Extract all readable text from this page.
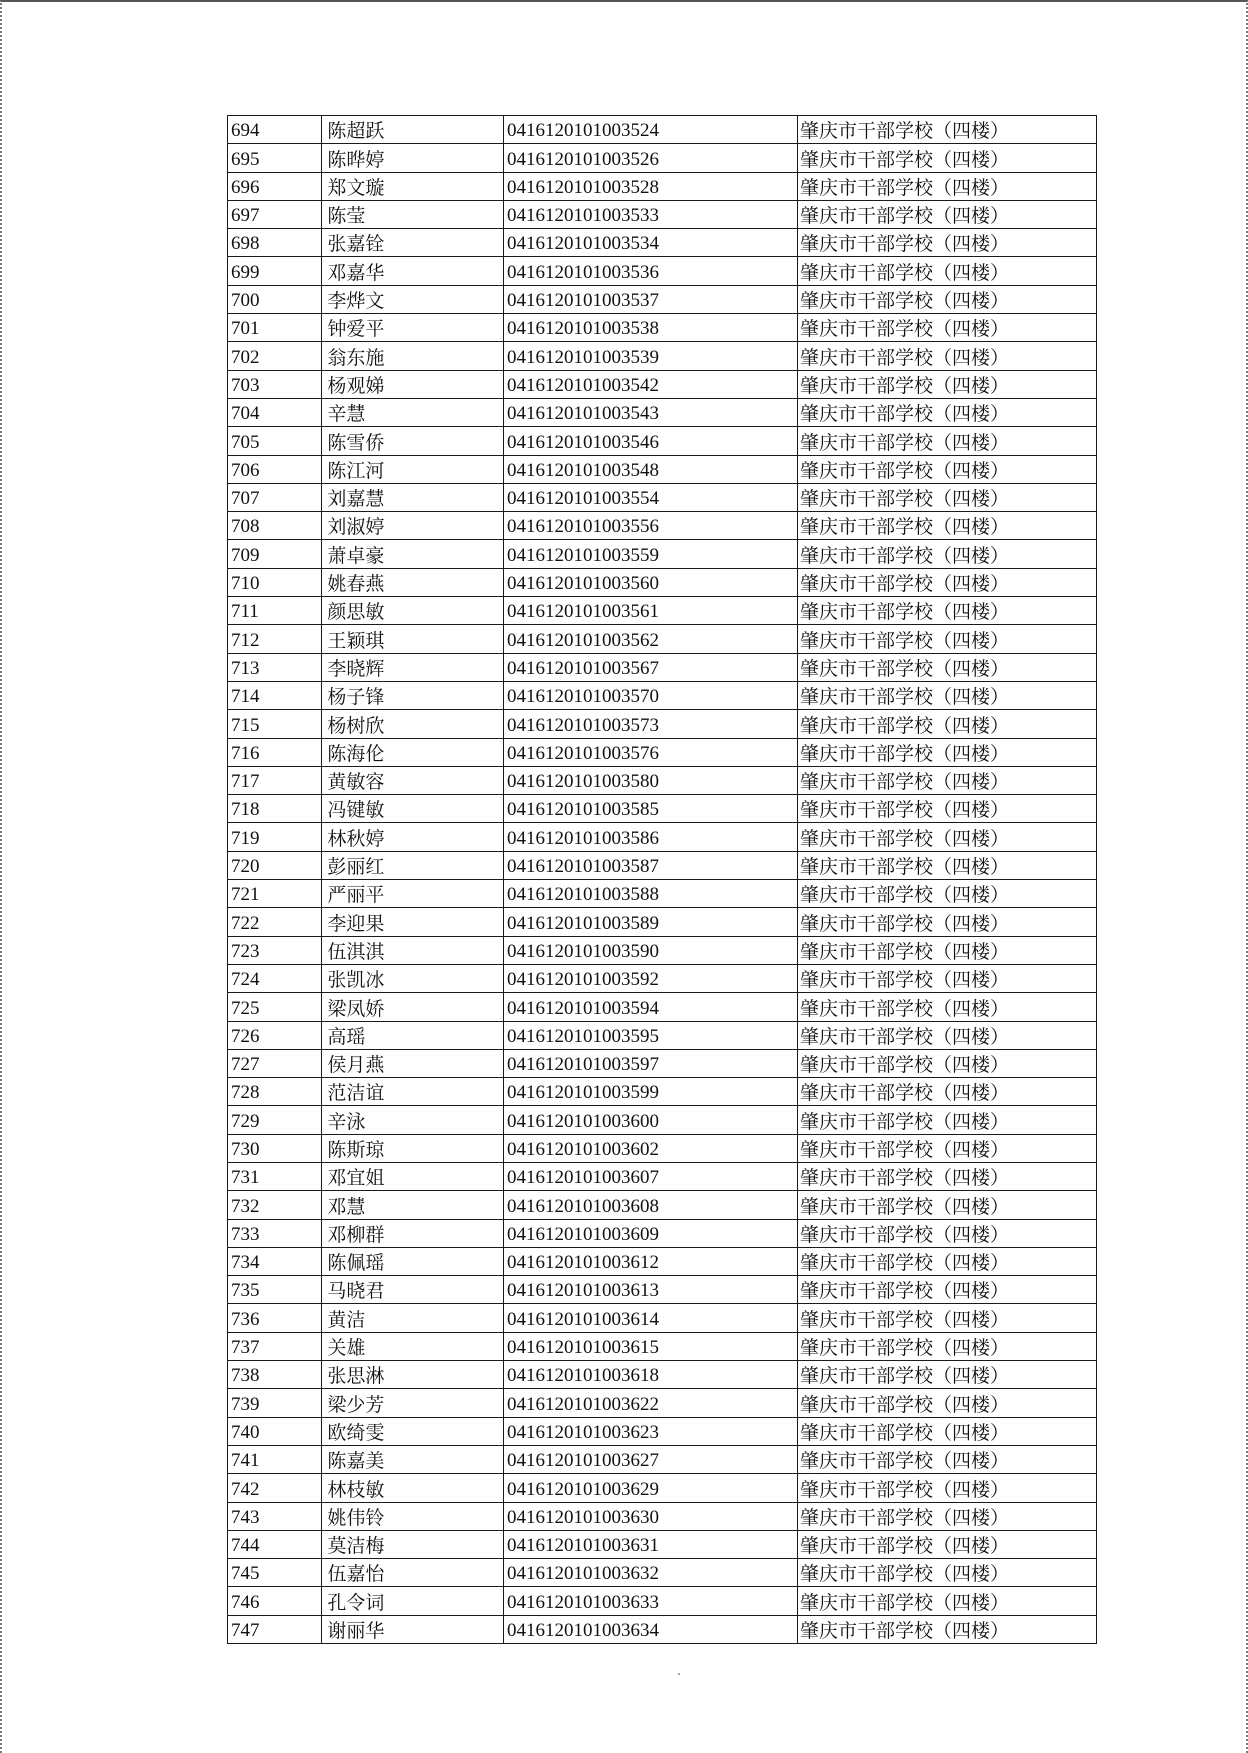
694	陈超跃	0416120101003524	肇庆市干部学校（四楼）
695	陈晔婷	0416120101003526	肇庆市干部学校（四楼）
696	郑文璇	0416120101003528	肇庆市干部学校（四楼）
697	陈莹	0416120101003533	肇庆市干部学校（四楼）
698	张嘉铨	0416120101003534	肇庆市干部学校（四楼）
699	邓嘉华	0416120101003536	肇庆市干部学校（四楼）
700	李烨文	0416120101003537	肇庆市干部学校（四楼）
701	钟爱平	0416120101003538	肇庆市干部学校（四楼）
702	翁东施	0416120101003539	肇庆市干部学校（四楼）
703	杨观娣	0416120101003542	肇庆市干部学校（四楼）
704	辛慧	0416120101003543	肇庆市干部学校（四楼）
705	陈雪侨	0416120101003546	肇庆市干部学校（四楼）
706	陈江河	0416120101003548	肇庆市干部学校（四楼）
707	刘嘉慧	0416120101003554	肇庆市干部学校（四楼）
708	刘淑婷	0416120101003556	肇庆市干部学校（四楼）
709	萧卓豪	0416120101003559	肇庆市干部学校（四楼）
710	姚春燕	0416120101003560	肇庆市干部学校（四楼）
711	颜思敏	0416120101003561	肇庆市干部学校（四楼）
712	王颖琪	0416120101003562	肇庆市干部学校（四楼）
713	李晓辉	0416120101003567	肇庆市干部学校（四楼）
714	杨子锋	0416120101003570	肇庆市干部学校（四楼）
715	杨树欣	0416120101003573	肇庆市干部学校（四楼）
716	陈海伦	0416120101003576	肇庆市干部学校（四楼）
717	黄敏容	0416120101003580	肇庆市干部学校（四楼）
718	冯键敏	0416120101003585	肇庆市干部学校（四楼）
719	林秋婷	0416120101003586	肇庆市干部学校（四楼）
720	彭丽红	0416120101003587	肇庆市干部学校（四楼）
721	严丽平	0416120101003588	肇庆市干部学校（四楼）
722	李迎果	0416120101003589	肇庆市干部学校（四楼）
723	伍淇淇	0416120101003590	肇庆市干部学校（四楼）
724	张凯冰	0416120101003592	肇庆市干部学校（四楼）
725	梁凤娇	0416120101003594	肇庆市干部学校（四楼）
726	高瑶	0416120101003595	肇庆市干部学校（四楼）
727	侯月燕	0416120101003597	肇庆市干部学校（四楼）
728	范洁谊	0416120101003599	肇庆市干部学校（四楼）
729	辛泳	0416120101003600	肇庆市干部学校（四楼）
730	陈斯琼	0416120101003602	肇庆市干部学校（四楼）
731	邓宜姐	0416120101003607	肇庆市干部学校（四楼）
732	邓慧	0416120101003608	肇庆市干部学校（四楼）
733	邓柳群	0416120101003609	肇庆市干部学校（四楼）
734	陈佩瑶	0416120101003612	肇庆市干部学校（四楼）
735	马晓君	0416120101003613	肇庆市干部学校（四楼）
736	黄洁	0416120101003614	肇庆市干部学校（四楼）
737	关雄	0416120101003615	肇庆市干部学校（四楼）
738	张思淋	0416120101003618	肇庆市干部学校（四楼）
739	梁少芳	0416120101003622	肇庆市干部学校（四楼）
740	欧绮雯	0416120101003623	肇庆市干部学校（四楼）
741	陈嘉美	0416120101003627	肇庆市干部学校（四楼）
742	林枝敏	0416120101003629	肇庆市干部学校（四楼）
743	姚伟铃	0416120101003630	肇庆市干部学校（四楼）
744	莫洁梅	0416120101003631	肇庆市干部学校（四楼）
745	伍嘉怡	0416120101003632	肇庆市干部学校（四楼）
746	孔令词	0416120101003633	肇庆市干部学校（四楼）
747	谢丽华	0416120101003634	肇庆市干部学校（四楼）
